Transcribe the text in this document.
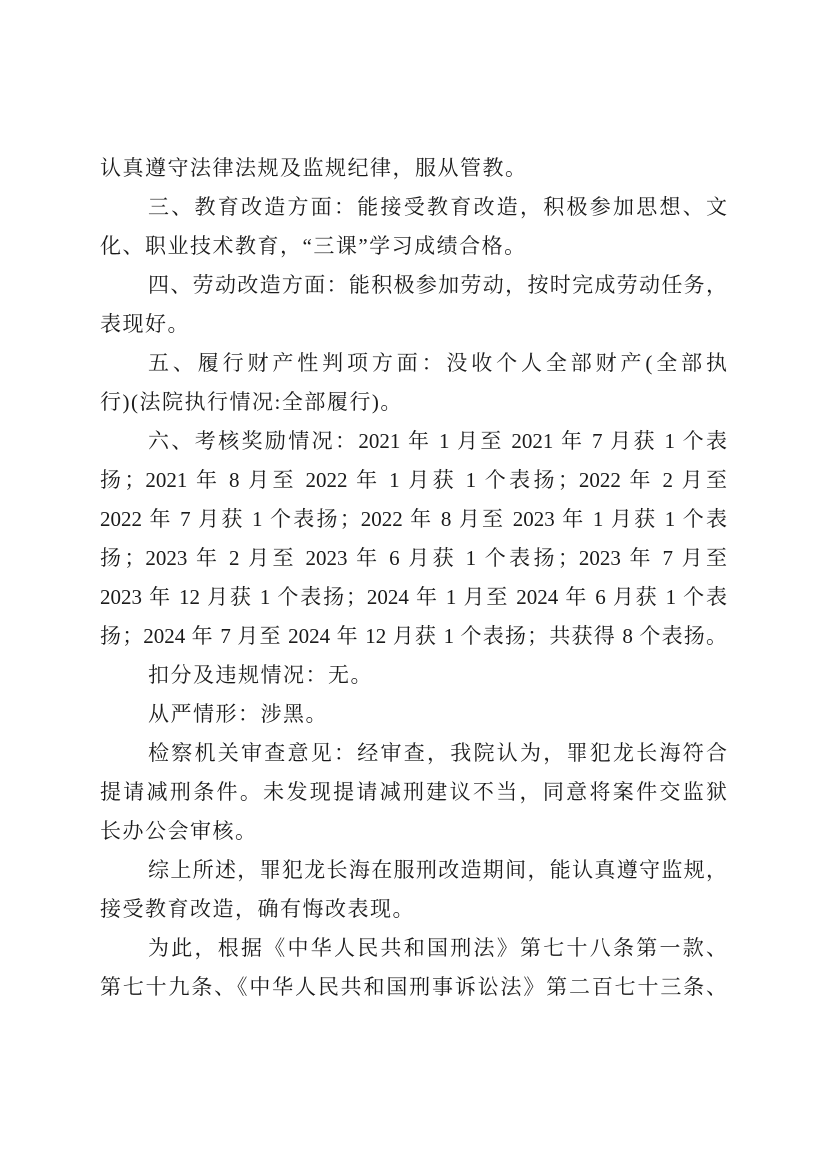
认真遵守法律法规及监规纪律，服从管教。
三、教育改造方面：能接受教育改造，积极参加思想、文
化、职业技术教育，“三课”学习成绩合格。
四、劳动改造方面：能积极参加劳动，按时完成劳动任务，
表现好。
五、履行财产性判项方面：没收个人全部财产(全部执
行)(法院执行情况:全部履行)。
六、考核奖励情况：2021 年 1 月至 2021 年 7 月获 1 个表
扬；2021 年 8 月至 2022 年 1 月获 1 个表扬；2022 年 2 月至
2022 年 7 月获 1 个表扬；2022 年 8 月至 2023 年 1 月获 1 个表
扬；2023 年 2 月至 2023 年 6 月获 1 个表扬；2023 年 7 月至
2023 年 12 月获 1 个表扬；2024 年 1 月至 2024 年 6 月获 1 个表
扬；2024 年 7 月至 2024 年 12 月获 1 个表扬；共获得 8 个表扬。
扣分及违规情况：无。
从严情形：涉黑。
检察机关审查意见：经审查，我院认为，罪犯龙长海符合
提请减刑条件。未发现提请减刑建议不当，同意将案件交监狱
长办公会审核。
综上所述，罪犯龙长海在服刑改造期间，能认真遵守监规，
接受教育改造，确有悔改表现。
为此，根据《中华人民共和国刑法》第七十八条第一款、
第七十九条、《中华人民共和国刑事诉讼法》第二百七十三条、
